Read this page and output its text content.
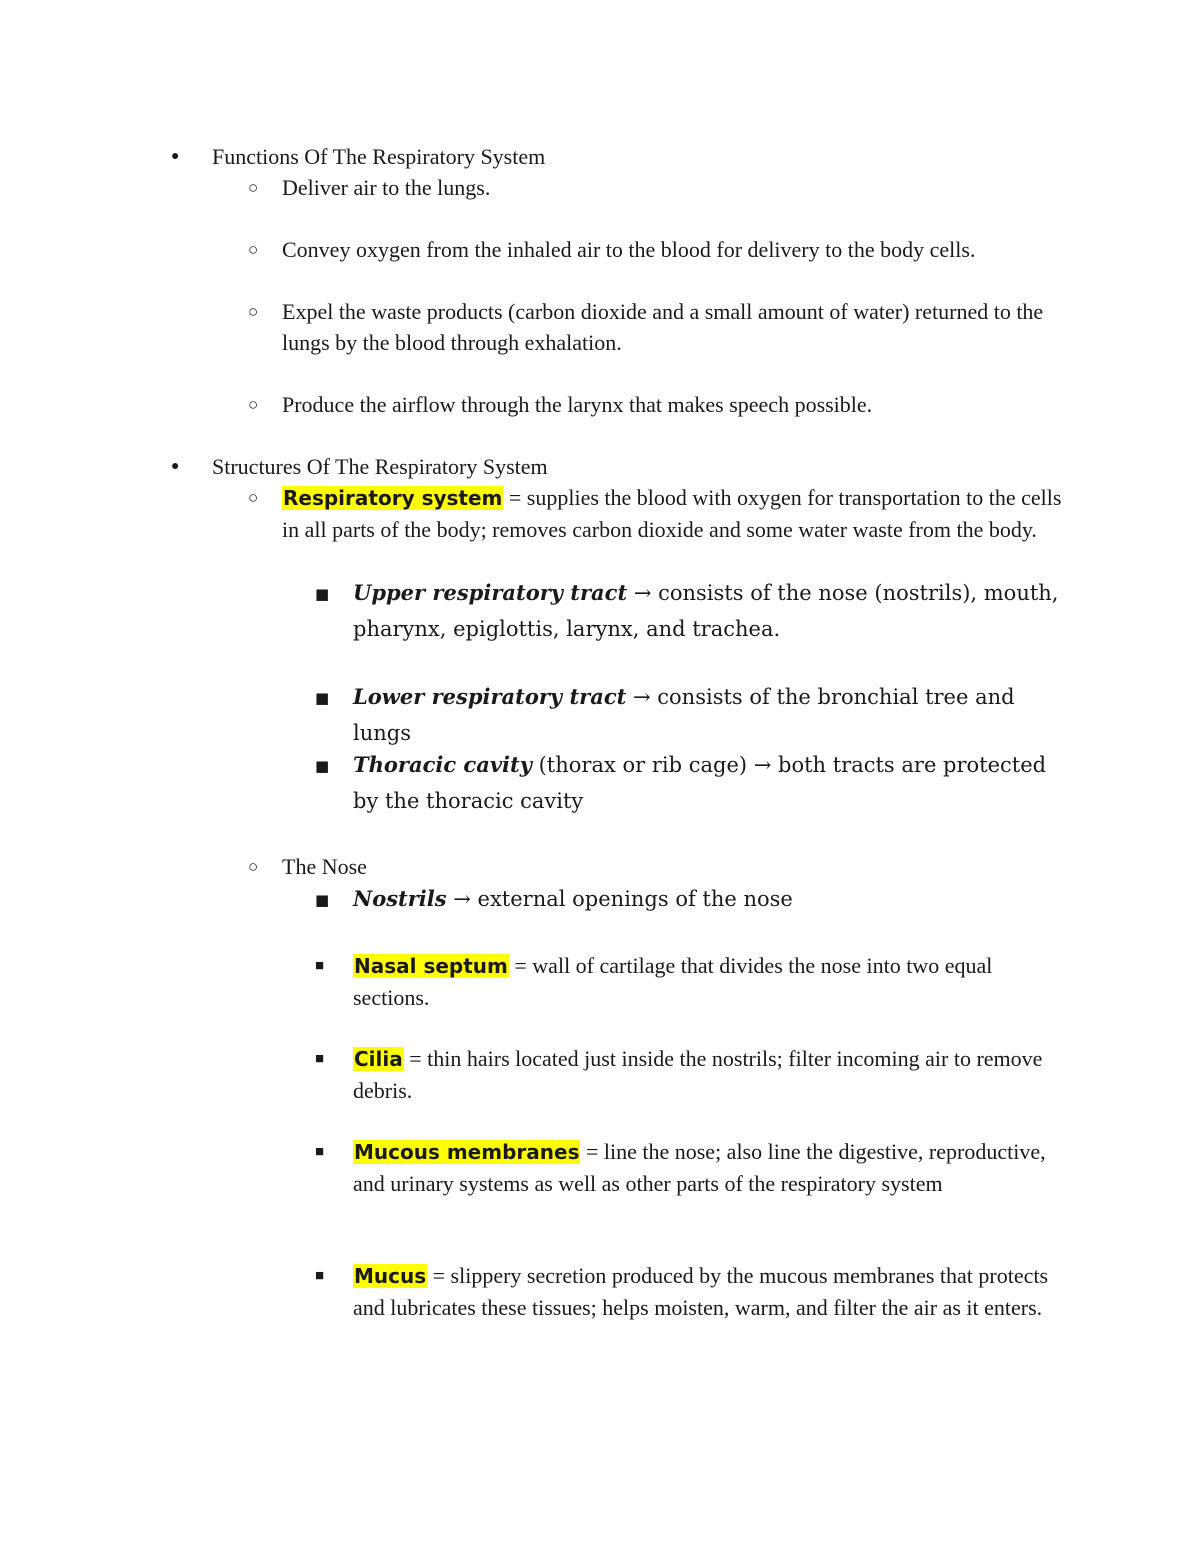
● Functions Of The Respiratory System
○ Deliver air to the lungs.
○ Convey oxygen from the inhaled air to the blood for delivery to the body cells.
○ Expel the waste products (carbon dioxide and a small amount of water) returned to the lungs by the blood through exhalation.
○ Produce the airflow through the larynx that makes speech possible.
● Structures Of The Respiratory System
○ Respiratory system = supplies the blood with oxygen for transportation to the cells in all parts of the body; removes carbon dioxide and some water waste from the body.
■ Upper respiratory tract → consists of the nose (nostrils), mouth, pharynx, epiglottis, larynx, and trachea.
■ Lower respiratory tract → consists of the bronchial tree and lungs
■ Thoracic cavity (thorax or rib cage) → both tracts are protected by the thoracic cavity
○ The Nose
■ Nostrils → external openings of the nose
■ Nasal septum = wall of cartilage that divides the nose into two equal sections.
■ Cilia = thin hairs located just inside the nostrils; filter incoming air to remove debris.
■ Mucous membranes = line the nose; also line the digestive, reproductive, and urinary systems as well as other parts of the respiratory system
■ Mucus = slippery secretion produced by the mucous membranes that protects and lubricates these tissues; helps moisten, warm, and filter the air as it enters.
